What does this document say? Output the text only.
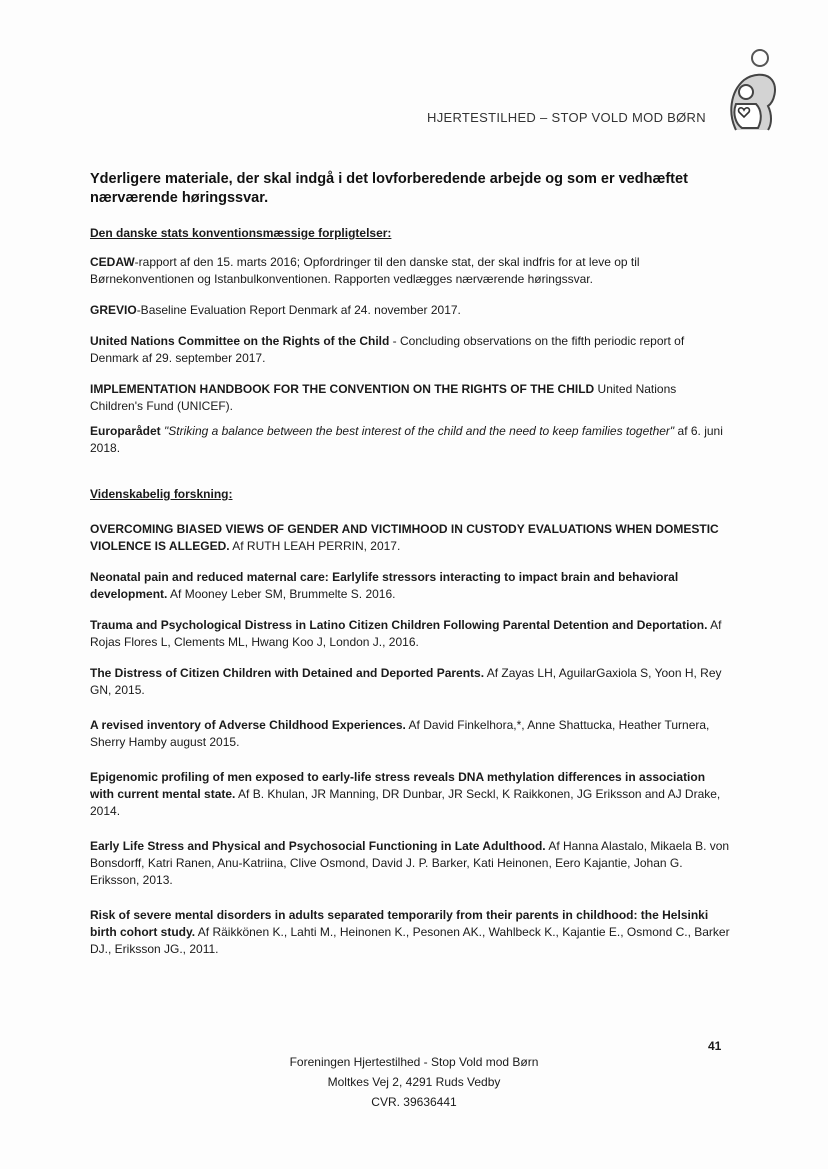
HJERTESTILHED – STOP VOLD MOD BØRN
Yderligere materiale, der skal indgå i det lovforberedende arbejde og som er vedhæftet nærværende høringssvar.
Den danske stats konventionsmæssige forpligtelser:

CEDAW-rapport af den 15. marts 2016; Opfordringer til den danske stat, der skal indfris for at leve op til Børnekonventionen og Istanbulkonventionen. Rapporten vedlægges nærværende høringssvar.

GREVIO-Baseline Evaluation Report Denmark af 24. november 2017.

United Nations Committee on the Rights of the Child - Concluding observations on the fifth periodic report of Denmark af 29. september 2017.

IMPLEMENTATION HANDBOOK FOR THE CONVENTION ON THE RIGHTS OF THE CHILD United Nations Children's Fund (UNICEF).

Europarådet "Striking a balance between the best interest of the child and the need to keep families together" af 6. juni 2018.

Videnskabelig forskning:

OVERCOMING BIASED VIEWS OF GENDER AND VICTIMHOOD IN CUSTODY EVALUATIONS WHEN DOMESTIC VIOLENCE IS ALLEGED. Af RUTH LEAH PERRIN, 2017.

Neonatal pain and reduced maternal care: Earlylife stressors interacting to impact brain and behavioral development. Af Mooney Leber SM, Brummelte S. 2016.

Trauma and Psychological Distress in Latino Citizen Children Following Parental Detention and Deportation. Af Rojas Flores L, Clements ML, Hwang Koo J, London J., 2016.

The Distress of Citizen Children with Detained and Deported Parents. Af Zayas LH, AguilarGaxiola S, Yoon H, Rey GN, 2015.

A revised inventory of Adverse Childhood Experiences. Af David Finkelhora,*, Anne Shattucka, Heather Turnera, Sherry Hamby august 2015.

Epigenomic profiling of men exposed to early-life stress reveals DNA methylation differences in association with current mental state. Af B. Khulan, JR Manning, DR Dunbar, JR Seckl, K Raikkonen, JG Eriksson and AJ Drake, 2014.

Early Life Stress and Physical and Psychosocial Functioning in Late Adulthood. Af Hanna Alastalo, Mikaela B. von Bonsdorff, Katri Ranen, Anu-Katriina, Clive Osmond, David J. P. Barker, Kati Heinonen, Eero Kajantie, Johan G. Eriksson, 2013.

Risk of severe mental disorders in adults separated temporarily from their parents in childhood: the Helsinki birth cohort study. Af Räikkönen K., Lahti M., Heinonen K., Pesonen AK., Wahlbeck K., Kajantie E., Osmond C., Barker DJ., Eriksson JG., 2011.

41
Foreningen Hjertestilhed - Stop Vold mod Børn
Moltkes Vej 2, 4291 Ruds Vedby
CVR. 39636441
